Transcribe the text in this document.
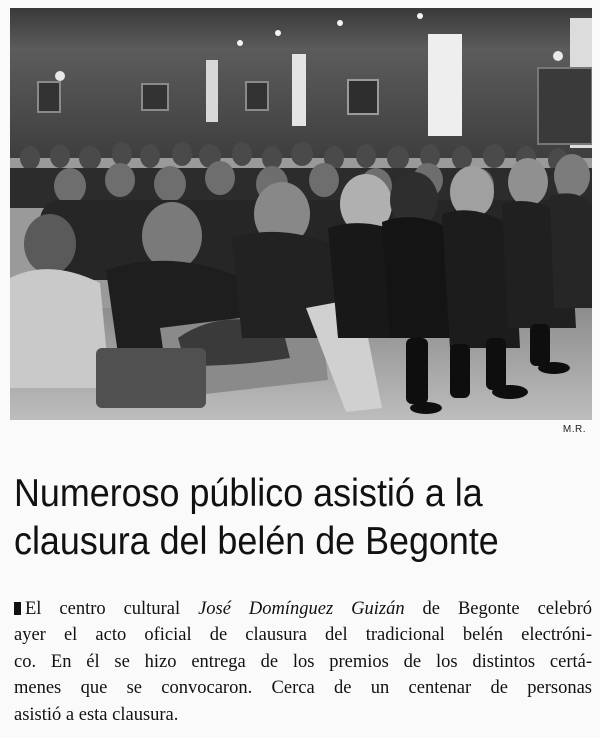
M.R.
Numeroso público asistió a la
clausura del belén de Begonte
El centro cultural José Domínguez Guizán de Begonte celebró
ayer el acto oficial de clausura del tradicional belén electróni-
co. En él se hizo entrega de los premios de los distintos certá-
menes que se convocaron. Cerca de un centenar de personas
asistió a esta clausura.
